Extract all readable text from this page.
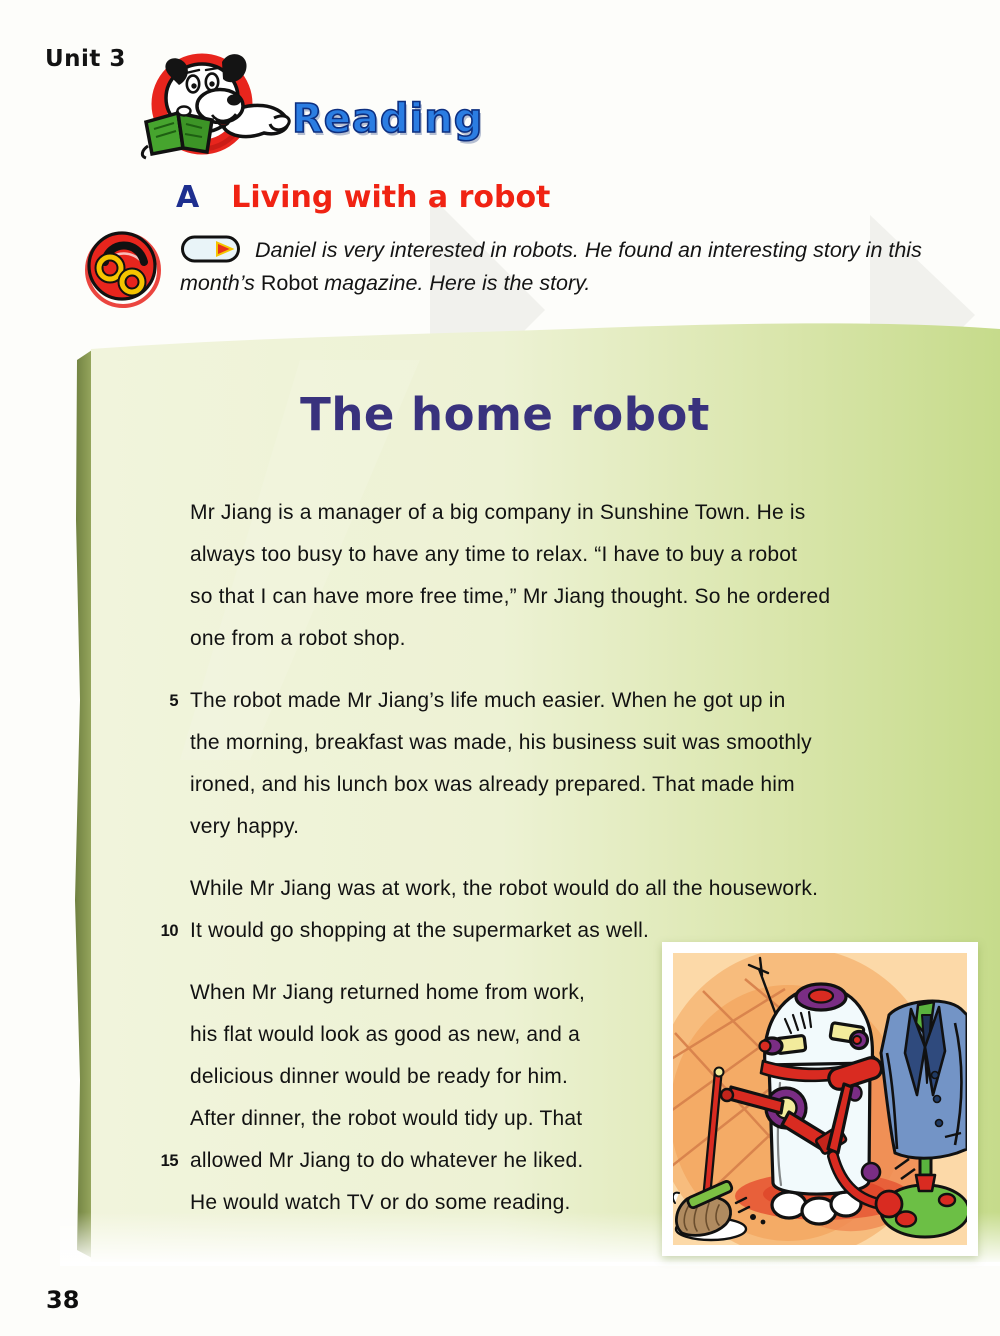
Unit 3
Reading
A Living with a robot
Daniel is very interested in robots. He found an interesting story in this
month’s Robot magazine. Here is the story.
The home robot
Mr Jiang is a manager of a big company in Sunshine Town. He is
always too busy to have any time to relax. “I have to buy a robot
so that I can have more free time,” Mr Jiang thought. So he ordered
one from a robot shop.
5 The robot made Mr Jiang’s life much easier. When he got up in
the morning, breakfast was made, his business suit was smoothly
ironed, and his lunch box was already prepared. That made him
very happy.
While Mr Jiang was at work, the robot would do all the housework.
10 It would go shopping at the supermarket as well.
When Mr Jiang returned home from work,
his flat would look as good as new, and a
delicious dinner would be ready for him.
After dinner, the robot would tidy up. That
15 allowed Mr Jiang to do whatever he liked.
He would watch TV or do some reading.
38
